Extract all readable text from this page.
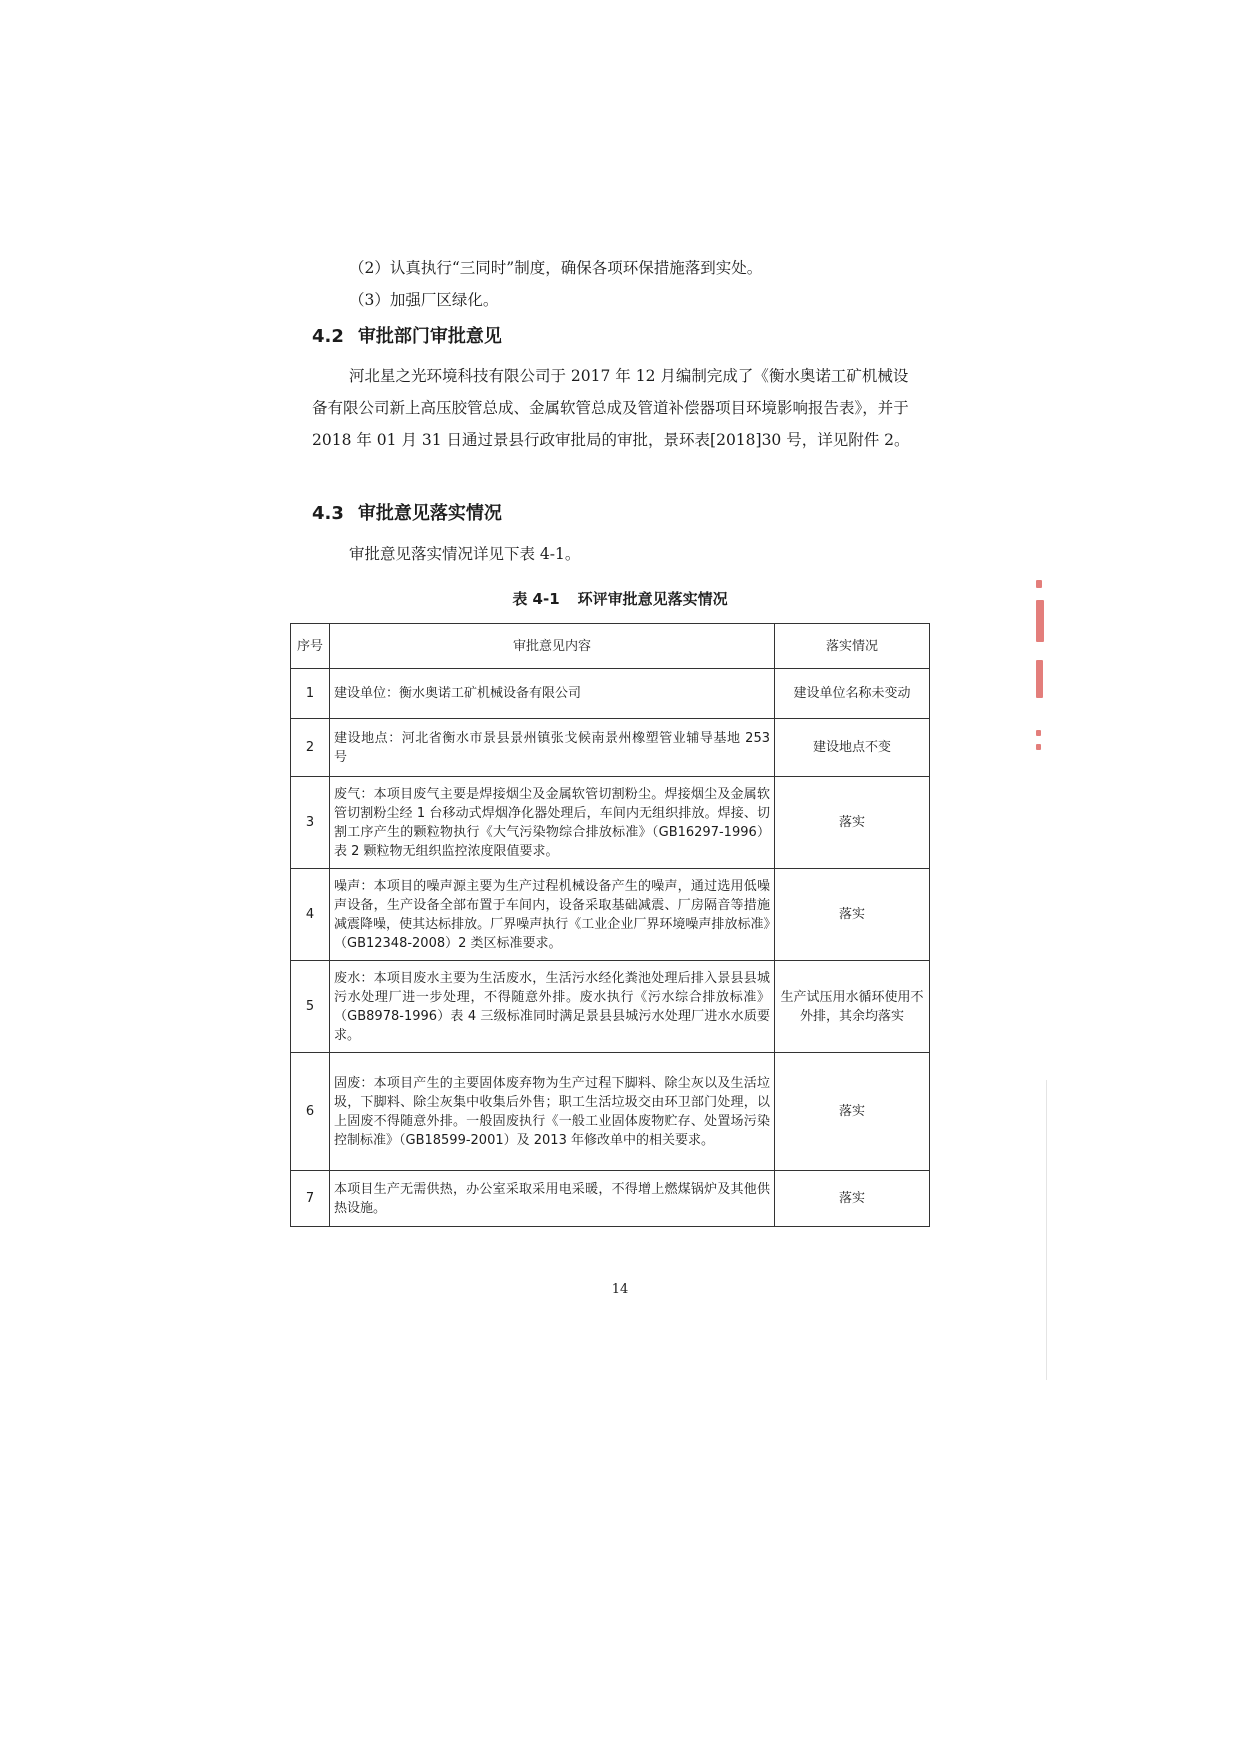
（2）认真执行“三同时”制度，确保各项环保措施落到实处。

（3）加强厂区绿化。

4.2 审批部门审批意见

河北星之光环境科技有限公司于 2017 年 12 月编制完成了《衡水奥诺工矿机械设备有限公司新上高压胶管总成、金属软管总成及管道补偿器项目环境影响报告表》，并于 2018 年 01 月 31 日通过景县行政审批局的审批，景环表[2018]30 号，详见附件 2。

4.3 审批意见落实情况

审批意见落实情况详见下表 4-1。

表 4-1 环评审批意见落实情况

序号	审批意见内容	落实情况
1	建设单位：衡水奥诺工矿机械设备有限公司	建设单位名称未变动
2	建设地点：河北省衡水市景县景州镇张戈候南景州橡塑管业辅导基地 253 号	建设地点不变
3	废气：本项目废气主要是焊接烟尘及金属软管切割粉尘。焊接烟尘及金属软管切割粉尘经 1 台移动式焊烟净化器处理后，车间内无组织排放。焊接、切割工序产生的颗粒物执行《大气污染物综合排放标准》（GB16297-1996）表 2 颗粒物无组织监控浓度限值要求。	落实
4	噪声：本项目的噪声源主要为生产过程机械设备产生的噪声，通过选用低噪声设备，生产设备全部布置于车间内，设备采取基础减震、厂房隔音等措施减震降噪，使其达标排放。厂界噪声执行《工业企业厂界环境噪声排放标准》（GB12348-2008）2 类区标准要求。	落实
5	废水：本项目废水主要为生活废水，生活污水经化粪池处理后排入景县县城污水处理厂进一步处理，不得随意外排。废水执行《污水综合排放标准》（GB8978-1996）表 4 三级标准同时满足景县县城污水处理厂进水水质要求。	生产试压用水循环使用不外排，其余均落实
6	固废：本项目产生的主要固体废弃物为生产过程下脚料、除尘灰以及生活垃圾，下脚料、除尘灰集中收集后外售；职工生活垃圾交由环卫部门处理，以上固废不得随意外排。一般固废执行《一般工业固体废物贮存、处置场污染控制标准》（GB18599-2001）及 2013 年修改单中的相关要求。	落实
7	本项目生产无需供热，办公室采取采用电采暖，不得增上燃煤锅炉及其他供热设施。	落实

14
